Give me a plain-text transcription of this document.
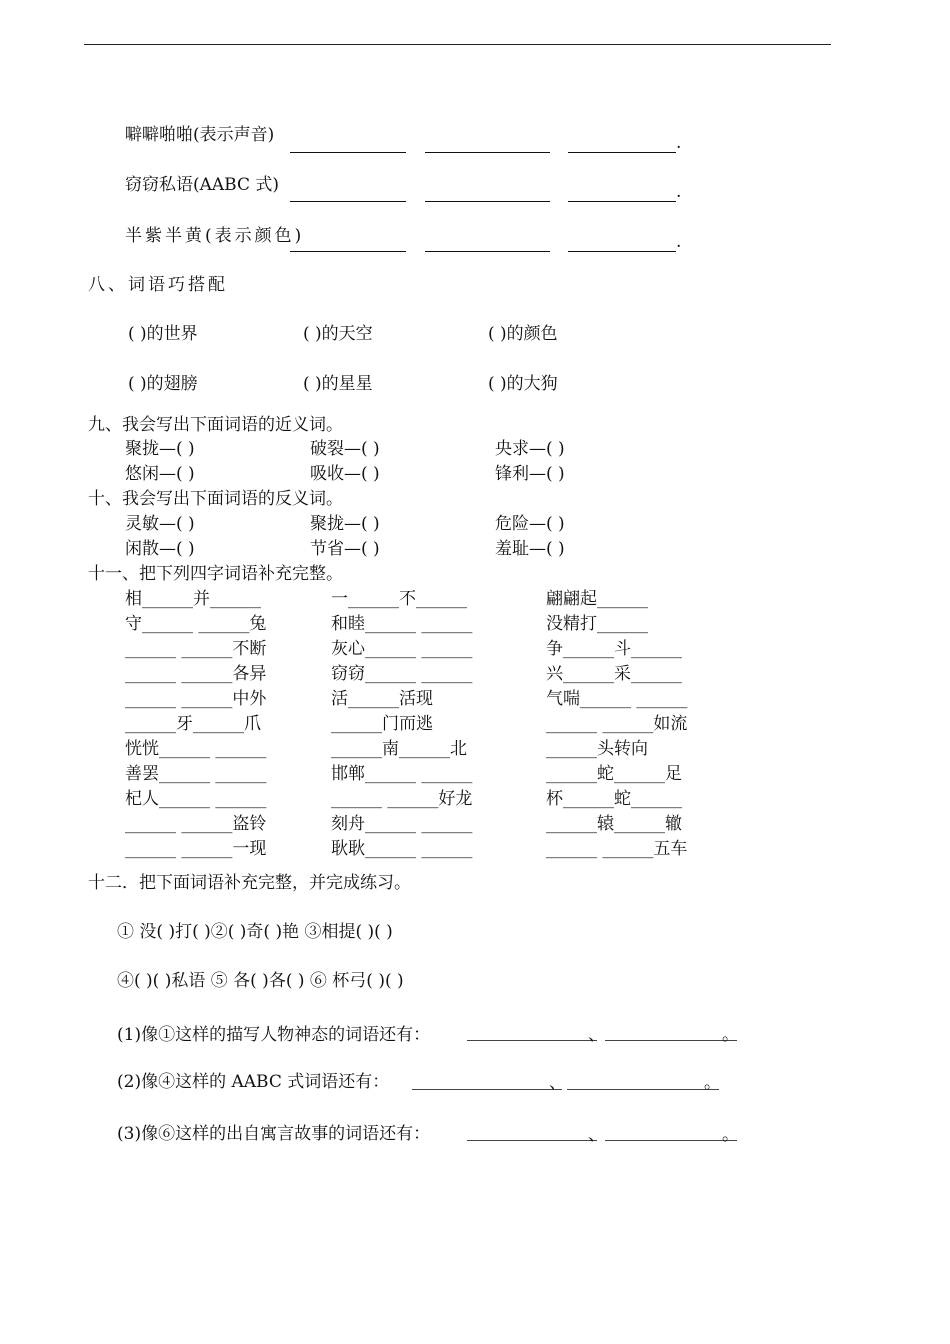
噼噼啪啪(表示声音)	.
窃窃私语(AABC 式)	.
半紫半黄(表示颜色)	.
八、词语巧搭配
( )的世界	( )的天空	( )的颜色
( )的翅膀	( )的星星	( )的大狗
九、我会写出下面词语的近义词。
聚拢—( )	破裂—( )	央求—( )
悠闲—( )	吸收—( )	锋利—( )
十、我会写出下面词语的反义词。
灵敏—( )	聚拢—( )	危险—( )
闲散—( )	节省—( )	羞耻—( )
十一、把下列四字词语补充完整。
相______并______	一______不______	翩翩起______
守______ ______兔	和睦______ ______	没精打______
______ ______不断	灰心______ ______	争______斗______
______ ______各异	窃窃______ ______	兴______采______
______ ______中外	活______活现	气喘______ ______
______牙______爪	______门而逃	______ ______如流
恍恍______ ______	______南______北	______头转向
善罢______ ______	邯郸______ ______	______蛇______足
杞人______ ______	______ ______好龙	杯______蛇______
______ ______盗铃	刻舟______ ______	______辕______辙
______ ______一现	耿耿______ ______	______ ______五车
十二．把下面词语补充完整，并完成练习。
① 没( )打( )②( )奇( )艳 ③相提( )( )
④( )( )私语 ⑤ 各( )各( ) ⑥ 杯弓( )( )
(1)像①这样的描写人物神态的词语还有：	、	。
(2)像④这样的 AABC 式词语还有：	、	。
(3)像⑥这样的出自寓言故事的词语还有：	、	。
